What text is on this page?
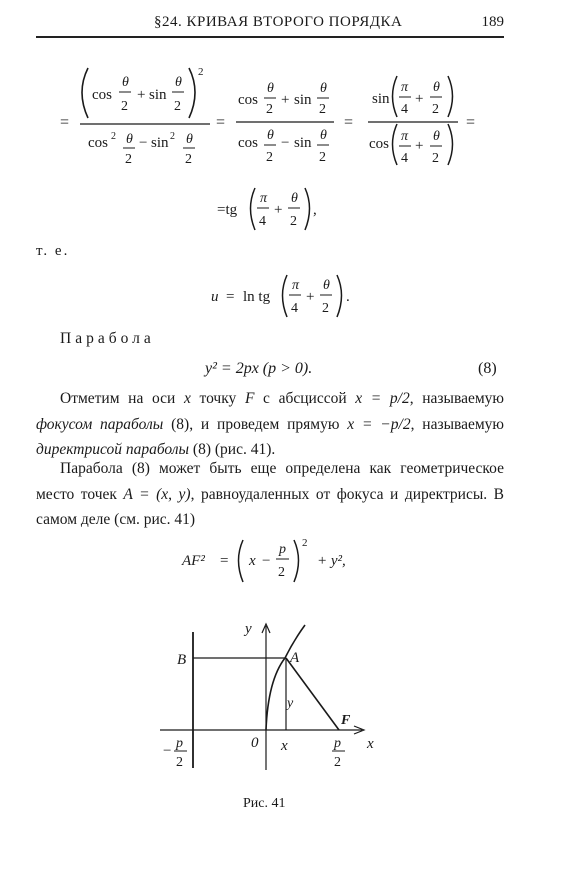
§24. КРИВАЯ ВТОРОГО ПОРЯДКА	189
=
cos
θ
2
+ sin
θ
2
2
cos 2 θ
2
− sin 2 θ
2
=
cos
θ
2
+ sin
θ
2
cos θ
2
− sin θ
2
=
sin
π
4
+
θ
2
cos π
4
+
θ
2
=
=tg
π
4
+
θ
2
,
u = ln tg
π
4
+
θ
2
.
AF² = x −
p
2
2
+ y²,
y
x
B	A
F
0
y
x	p
2
− p
2
т. е.
Парабола
y² = 2px (p > 0).	(8)
Отметим на оси x точку F с абсциссой x = p/2, называемую фокусом параболы (8), и проведем прямую x = −p/2, называемую директрисой параболы (8) (рис. 41).
Парабола (8) может быть еще определена как геометрическое место точек A = (x, y), равноудаленных от фокуса и директрисы. В самом деле (см. рис. 41)
Рис. 41
